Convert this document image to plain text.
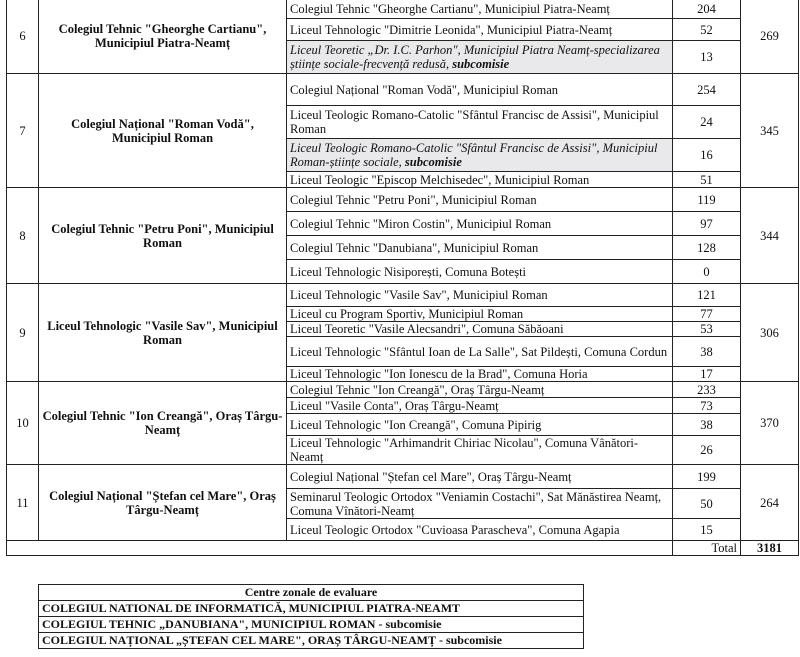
6	Colegiul Tehnic "Gheorghe Cartianu", Municipiul Piatra-Neamț	Colegiul Tehnic "Gheorghe Cartianu", Municipiul Piatra-Neamț	204	269
		Liceul Tehnologic "Dimitrie Leonida", Municipiul Piatra-Neamț	52	
		Liceul Teoretic „Dr. I.C. Parhon", Municipiul Piatra Neamț-specializarea științe sociale-frecvență redusă, subcomisie	13	
7	Colegiul Național "Roman Vodă", Municipiul Roman	Colegiul Național "Roman Vodă", Municipiul Roman	254	345
		Liceul Teologic Romano-Catolic "Sfântul Francisc de Assisi", Municipiul Roman	24	
		Liceul Teologic Romano-Catolic "Sfântul Francisc de Assisi", Municipiul Roman-științe sociale, subcomisie	16	
		Liceul Teologic "Episcop Melchisedec", Municipiul Roman	51	
8	Colegiul Tehnic "Petru Poni", Municipiul Roman	Colegiul Tehnic "Petru Poni", Municipiul Roman	119	344
		Colegiul Tehnic "Miron Costin", Municipiul Roman	97	
		Colegiul Tehnic "Danubiana", Municipiul Roman	128	
		Liceul Tehnologic Nisiporești, Comuna Botești	0	
9	Liceul Tehnologic "Vasile Sav", Municipiul Roman	Liceul Tehnologic "Vasile Sav", Municipiul Roman	121	306
		Liceul cu Program Sportiv, Municipiul Roman	77	
		Liceul Teoretic "Vasile Alecsandri", Comuna Săbăoani	53	
		Liceul Tehnologic "Sfântul Ioan de La Salle", Sat Pildești, Comuna Cordun	38	
		Liceul Tehnologic "Ion Ionescu de la Brad", Comuna Horia	17	
10	Colegiul Tehnic "Ion Creangă", Oraș Târgu-Neamț	Colegiul Tehnic "Ion Creangă", Oraș Târgu-Neamț	233	370
		Liceul "Vasile Conta", Oraș Târgu-Neamț	73	
		Liceul Tehnologic "Ion Creangă", Comuna Pipirig	38	
		Liceul Tehnologic "Arhimandrit Chiriac Nicolau", Comuna Vânători-Neamț	26	
11	Colegiul Național "Ștefan cel Mare", Oraș Târgu-Neamț	Colegiul Național "Ștefan cel Mare", Oraș Târgu-Neamț	199	264
		Seminarul Teologic Ortodox "Veniamin Costachi", Sat Mănăstirea Neamț, Comuna Vînători-Neamț	50	
		Liceul Teologic Ortodox "Cuvioasa Parascheva", Comuna Agapia	15	
			Total	3181
Centre zonale de evaluare
COLEGIUL NATIONAL DE INFORMATICĂ, MUNICIPIUL PIATRA-NEAMT
COLEGIUL TEHNIC „DANUBIANA", MUNICIPIUL ROMAN - subcomisie
COLEGIUL NAȚIONAL „ȘTEFAN CEL MARE", ORAȘ TÂRGU-NEAMȚ - subcomisie
